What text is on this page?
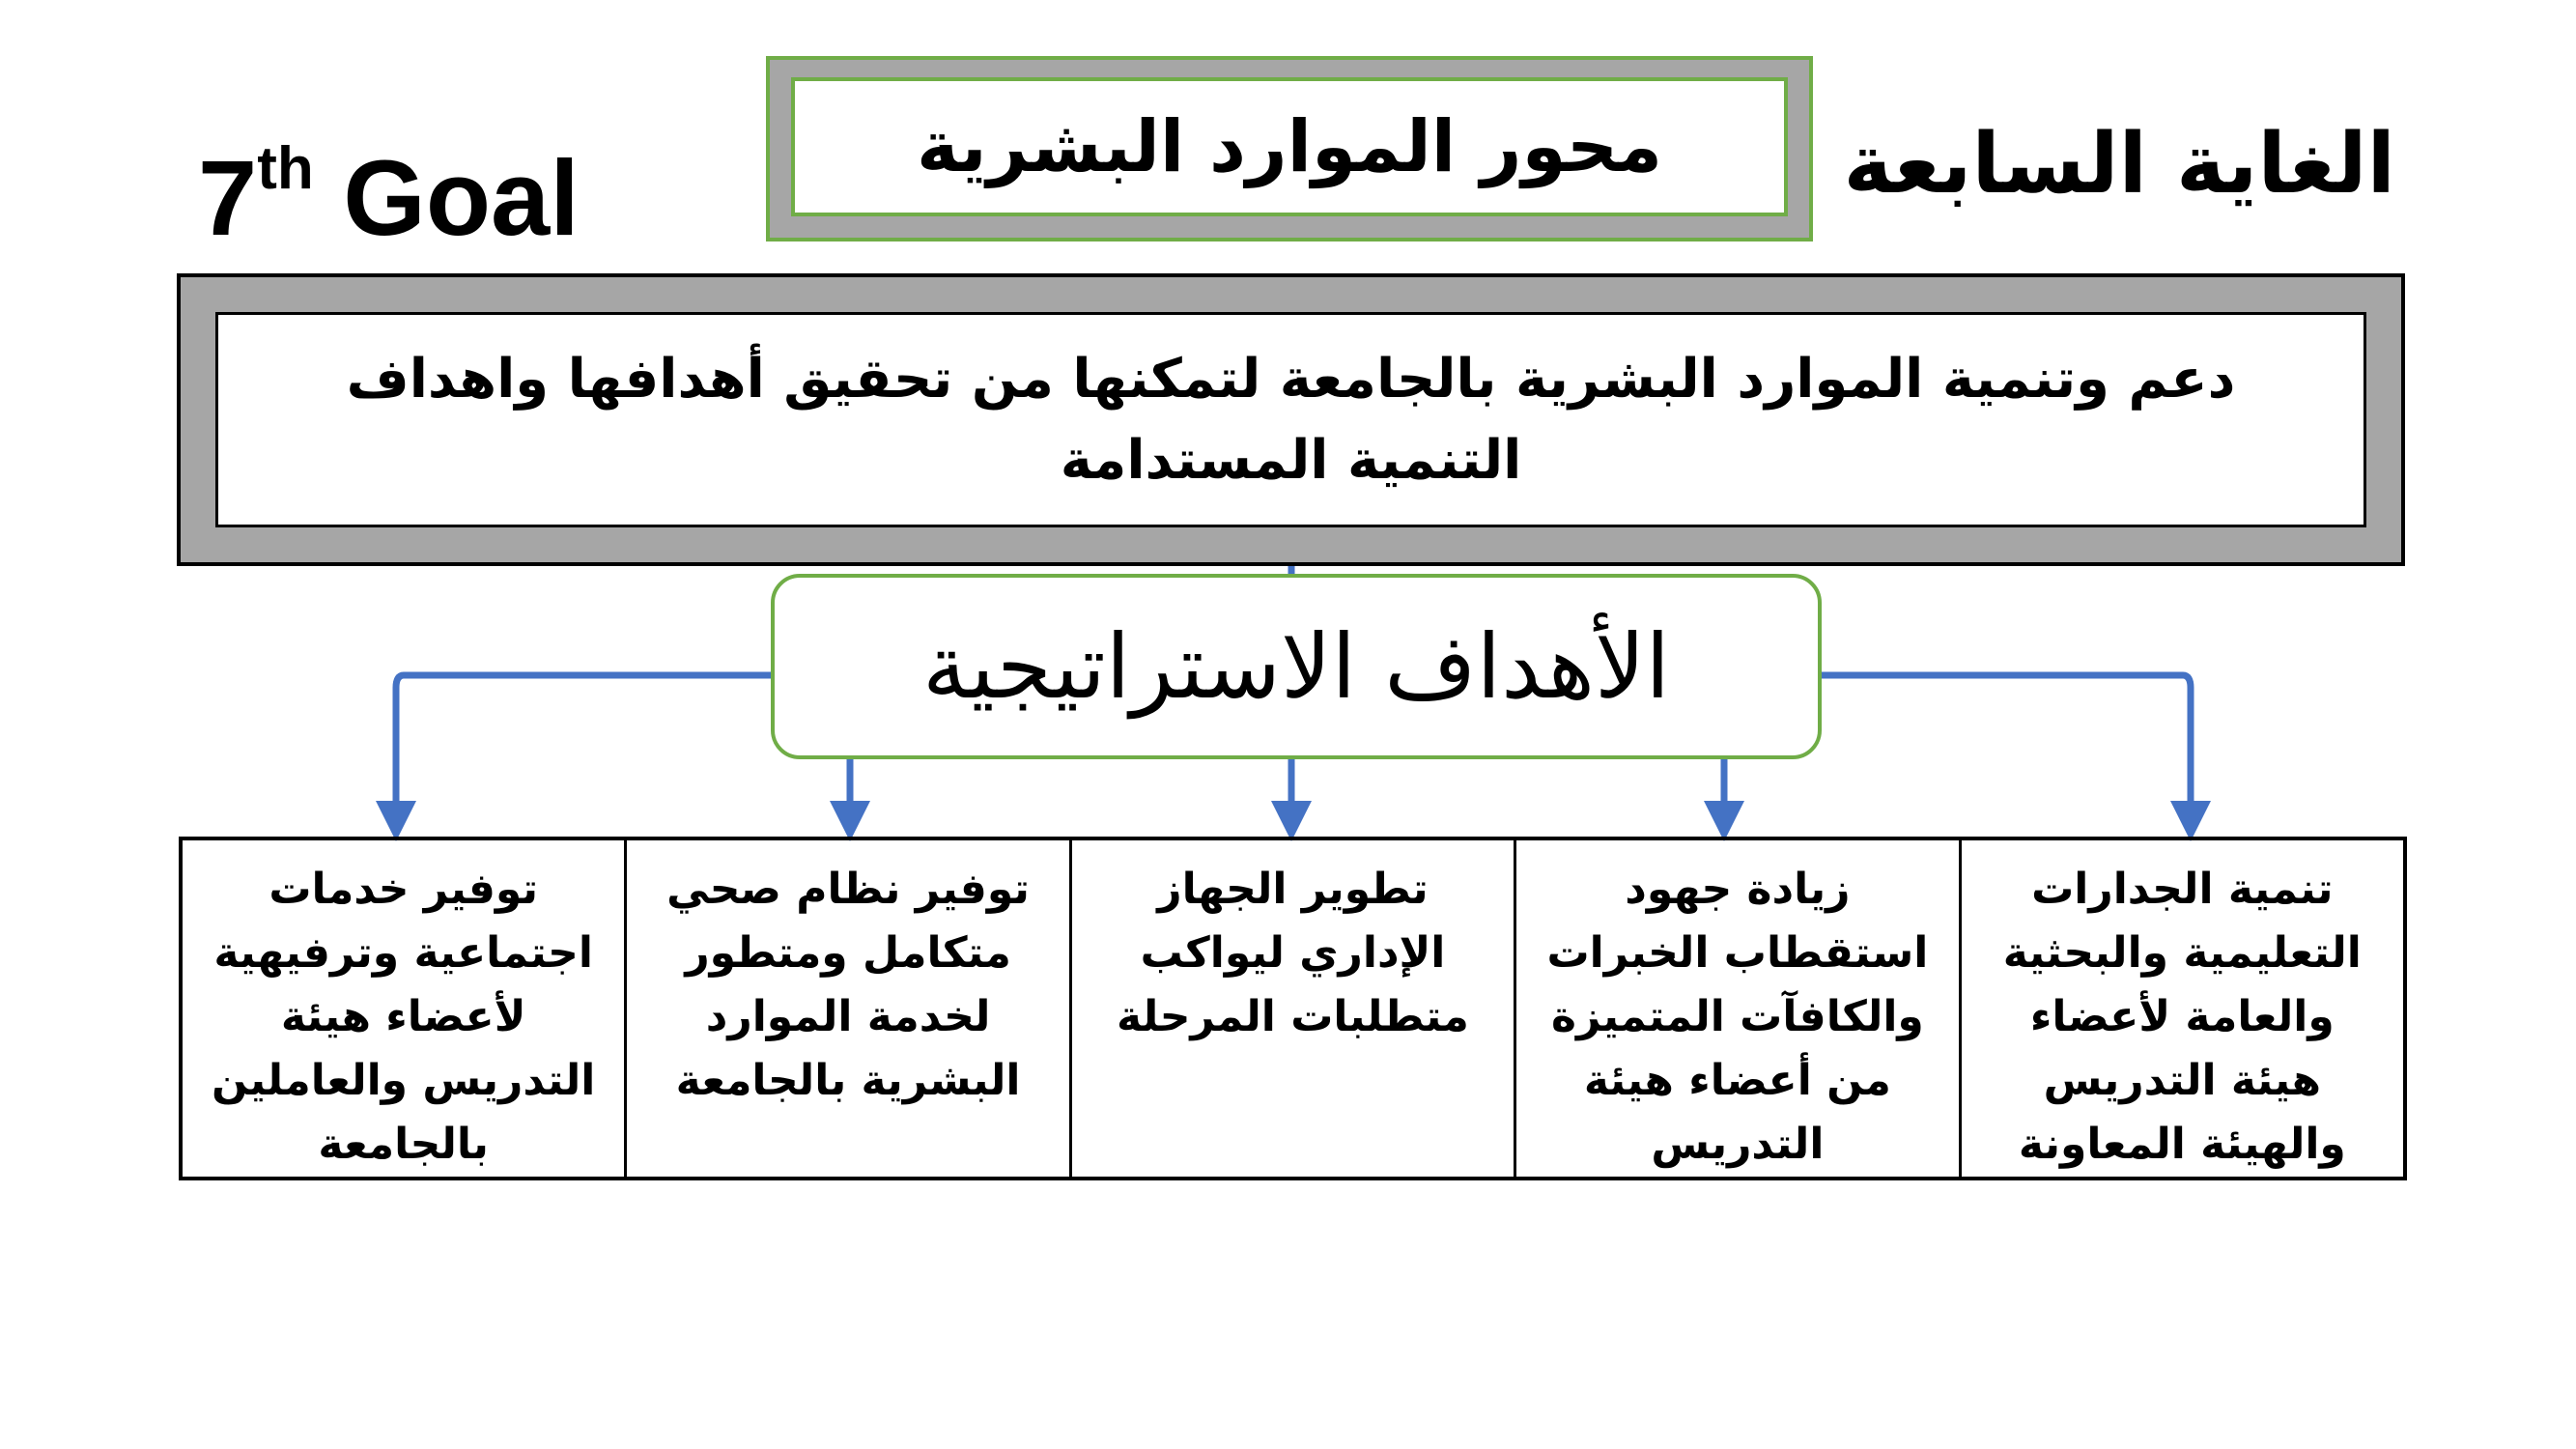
7th Goal	محور الموارد البشرية	الغاية السابعة
دعم وتنمية الموارد البشرية بالجامعة لتمكنها من تحقيق أهدافها واهداف التنمية المستدامة
الأهداف الاستراتيجية
تنمية الجدارات التعليمية والبحثية والعامة لأعضاء هيئة التدريس والهيئة المعاونة
زيادة جهود استقطاب الخبرات والكافآت المتميزة من أعضاء هيئة التدريس
تطوير الجهاز الإداري ليواكب متطلبات المرحلة
توفير نظام صحي متكامل ومتطور لخدمة الموارد البشرية بالجامعة
توفير خدمات اجتماعية وترفيهية لأعضاء هيئة التدريس والعاملين بالجامعة
